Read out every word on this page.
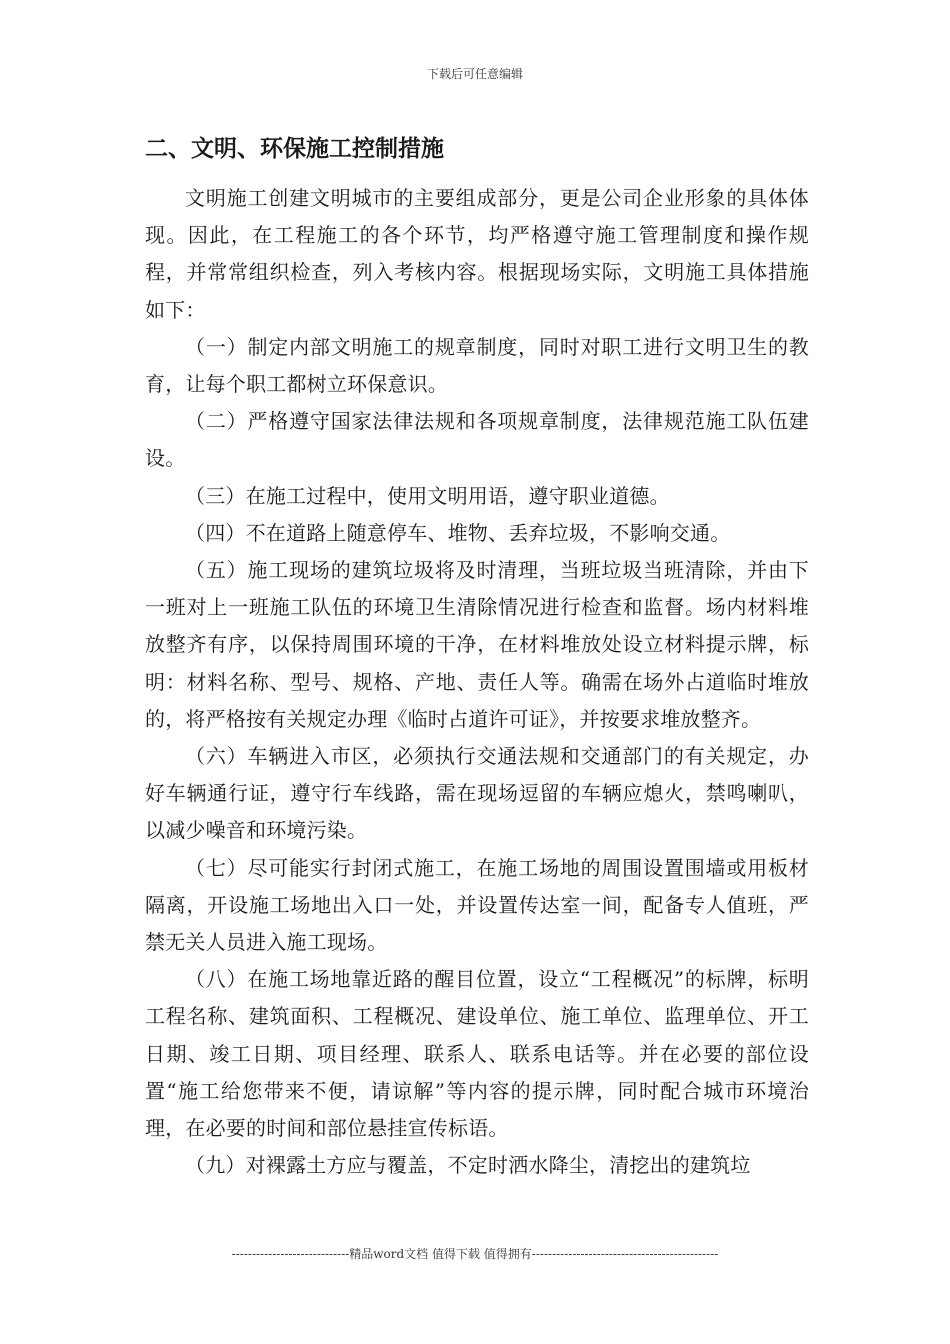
下载后可任意编辑
二、文明、环保施工控制措施

文明施工创建文明城市的主要组成部分，更是公司企业形象的具体体现。因此，在工程施工的各个环节，均严格遵守施工管理制度和操作规程，并常常组织检查，列入考核内容。根据现场实际，文明施工具体措施如下：

（一）制定内部文明施工的规章制度，同时对职工进行文明卫生的教育，让每个职工都树立环保意识。

（二）严格遵守国家法律法规和各项规章制度，法律规范施工队伍建设。

（三）在施工过程中，使用文明用语，遵守职业道德。

（四）不在道路上随意停车、堆物、丢弃垃圾，不影响交通。

（五）施工现场的建筑垃圾将及时清理，当班垃圾当班清除，并由下一班对上一班施工队伍的环境卫生清除情况进行检查和监督。场内材料堆放整齐有序，以保持周围环境的干净，在材料堆放处设立材料提示牌，标明：材料名称、型号、规格、产地、责任人等。确需在场外占道临时堆放的，将严格按有关规定办理《临时占道许可证》，并按要求堆放整齐。

（六）车辆进入市区，必须执行交通法规和交通部门的有关规定，办好车辆通行证，遵守行车线路，需在现场逗留的车辆应熄火，禁鸣喇叭，以减少噪音和环境污染。

（七）尽可能实行封闭式施工，在施工场地的周围设置围墙或用板材隔离，开设施工场地出入口一处，并设置传达室一间，配备专人值班，严禁无关人员进入施工现场。

（八）在施工场地靠近路的醒目位置，设立“工程概况”的标牌，标明工程名称、建筑面积、工程概况、建设单位、施工单位、监理单位、开工日期、竣工日期、项目经理、联系人、联系电话等。并在必要的部位设置“施工给您带来不便，请谅解”等内容的提示牌，同时配合城市环境治理，在必要的时间和部位悬挂宣传标语。

（九）对裸露土方应与覆盖，不定时洒水降尘，清挖出的建筑垃

-----------------------------精品word文档 值得下载 值得拥有----------------------------------------------
